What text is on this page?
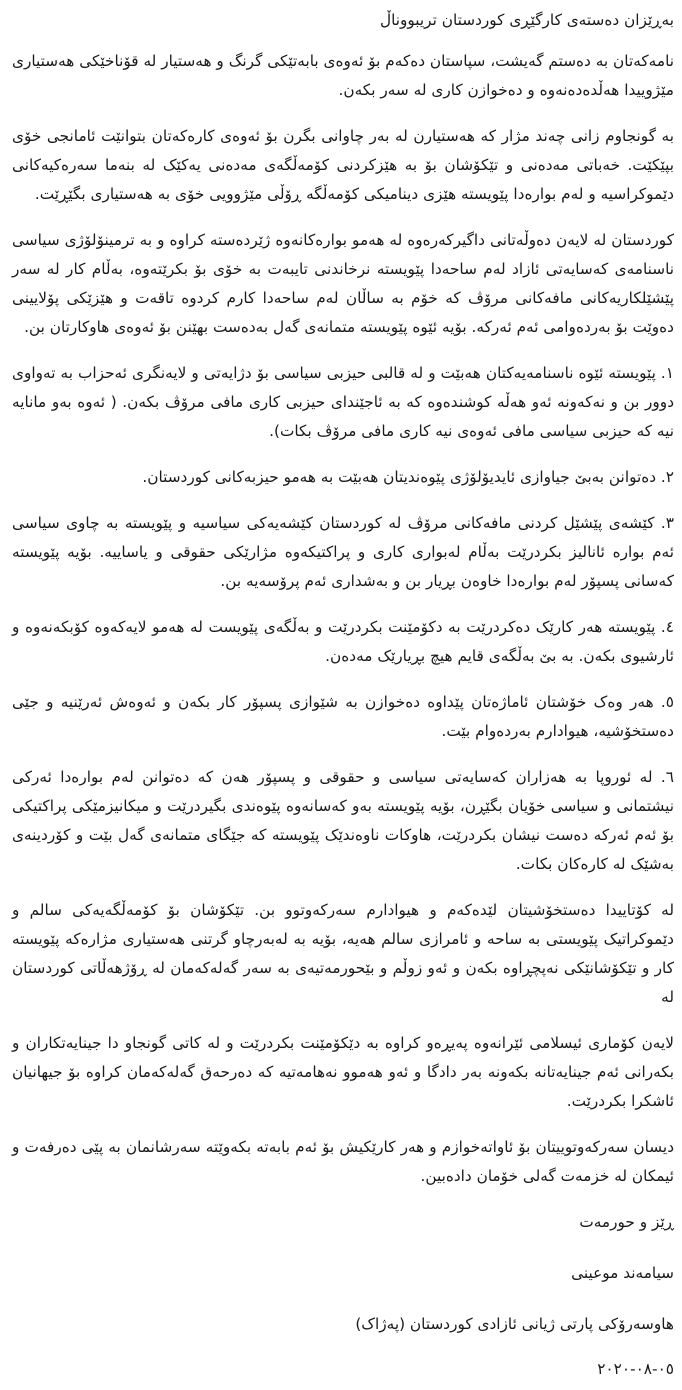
بەڕێزان دەستەی کارگێڕی کوردستان تریبووناڵ

نامەکەتان بە دەستم گەیشت، سپاستان دەکەم بۆ ئەوەی بابەتێکی گرنگ و هەستیار لە قۆناخێکی هەستیاری مێژوییدا هەڵدەدەنەوە و دەخوازن کاری لە سەر بکەن.

بە گونجاوم زانی چەند مژار کە هەستیارن لە بەر چاوانی بگرن بۆ ئەوەی کارەکەتان بتوانێت ئامانجی خۆی بپێکێت. خەباتی مەدەنی و تێکۆشان بۆ بە هێزکردنی کۆمەڵگەی مەدەنی یەکێک لە بنەما سەرەکیەکانی دێموکراسیە و لەم بوارەدا پێویستە هێزی دینامیکی کۆمەڵگە ڕۆڵی مێژوویی خۆی بە هەستیاری بگێڕێت.

کوردستان لە لایەن دەوڵەتانی داگیرکەرەوە لە هەمو بوارەکانەوە ژێردەستە کراوە و بە ترمینۆلۆژی سیاسی ناسنامەی کەسایەتی ئازاد لەم ساحەدا پێویستە نرخاندنی تایبەت بە خۆی بۆ بکرێتەوە، بەڵام کار لە سەر پێشێلکاریەکانی مافەکانی مرۆڤ کە خۆم بە ساڵان لەم ساحەدا کارم کردوە تاقەت و هێزێکی پۆلایینی دەوێت بۆ بەردەوامی ئەم ئەرکە. بۆیە ئێوە پێویستە متمانەی گەل بەدەست بهێنن بۆ ئەوەی هاوکارتان بن.

١. پێویستە ئێوە ناسنامەیەکتان هەبێت و لە قالبی حیزبی سیاسی بۆ دژایەتی و لایەنگری ئەحزاب بە تەواوی دوور بن و نەکەونە ئەو هەڵە کوشندەوە کە بە ئاجێندای حیزبی کاری مافی مرۆڤ بکەن. ( ئەوە بەو مانایە نیە کە حیزبی سیاسی مافی ئەوەی نیە کاری مافی مرۆڤ بکات).

٢. دەتوانن بەبێ جیاوازی ئایدیۆلۆژی پێوەندیتان هەبێت بە هەمو حیزبەکانی کوردستان.

٣. کێشەی پێشێل کردنی مافەکانی مرۆڤ لە کوردستان کێشەیەکی سیاسیە و پێویستە بە چاوی سیاسی ئەم بوارە ئانالیز بکردرێت بەڵام لەبواری کاری و پراکتیکەوە مژارێکی حقوقی و یاساییە. بۆیە پێویستە کەسانی پسپۆر لەم بوارەدا خاوەن بڕیار بن و بەشداری ئەم پرۆسەیە بن.

٤. پێویستە هەر کارێک دەکردرێت بە دکۆمێنت بکردرێت و بەڵگەی پێویست لە هەمو لایەکەوە کۆبکەنەوە و ئارشیوی بکەن. بە بێ بەڵگەی قایم هیچ بڕیارێک مەدەن.

٥. هەر وەک خۆشتان ئاماژەتان پێداوە دەخوازن بە شێوازی پسپۆر کار بکەن و ئەوەش ئەرێنیە و جێی دەستخۆشیە، هیوادارم بەردەوام بێت.

٦. لە ئوروپا بە هەزاران کەسایەتی سیاسی و حقوقی و پسپۆر هەن کە دەتوانن لەم بوارەدا ئەرکی نیشتمانی و سیاسی خۆیان بگێڕن، بۆیە پێویستە بەو کەسانەوە پێوەندی بگیردرێت و میکانیزمێکی پراکتیکی بۆ ئەم ئەرکە دەست نیشان بکردرێت، هاوکات ناوەندێک پێویستە کە جێگای متمانەی گەل بێت و کۆردینەی بەشێک لە کارەکان بکات.

لە کۆتاییدا دەستخۆشیتان لێدەکەم و هیوادارم سەرکەوتوو بن. تێکۆشان بۆ کۆمەڵگەیەکی سالم و دێموکراتیک پێویستی بە ساحە و ئامرازی سالم هەیە، بۆیە بە لەبەرچاو گرتنی هەستیاری مژارەکە پێویستە کار و تێکۆشانێکی نەپچڕاوە بکەن و ئەو زوڵم و بێحورمەتیەی بە سەر گەلەکەمان لە ڕۆژهەڵاتی کوردستان لە

لایەن کۆماری ئیسلامی ئێرانەوە پەیڕەو کراوە بە دێکۆمێنت بکردرێت و لە کاتی گونجاو دا جینایەتکاران و بکەرانی ئەم جینایەتانە بکەونە بەر دادگا و ئەو هەموو نەهامەتیە کە دەرحەق گەلەکەمان کراوە بۆ جیهانیان ئاشکرا بکردرێت.

دیسان سەرکەوتوییتان بۆ ئاواتەخوازم و هەر کارێکیش بۆ ئەم بابەتە بکەوێتە سەرشانمان بە پێی دەرفەت و ئیمکان لە خزمەت گەلی خۆمان دادەبین.

ڕێز و حورمەت

سیامەند موعینی

هاوسەرۆکی پارتی ژیانی ئازادی کوردستان (پەژاک)

٠٥-٠٨-٢٠٢٠
